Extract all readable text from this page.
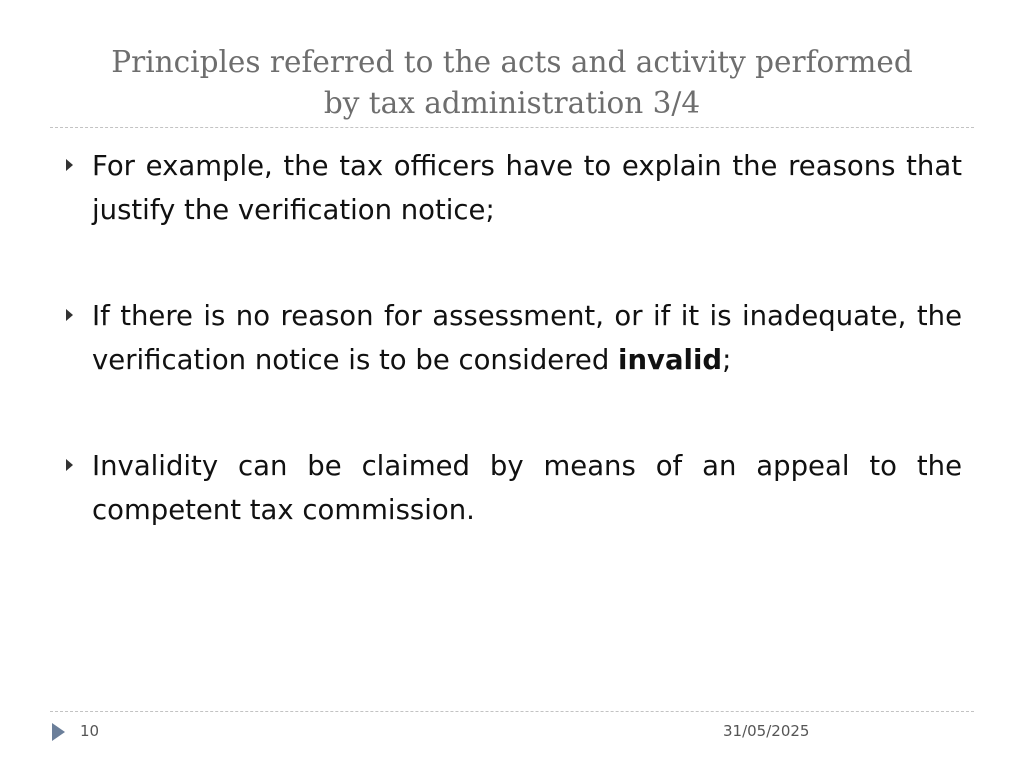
Principles referred to the acts and activity performed
by tax administration 3/4
For example, the tax officers have to explain the reasons that justify the verification notice;
If there is no reason for assessment, or if it is inadequate, the verification notice is to be considered invalid;
Invalidity can be claimed by means of an appeal to the competent tax commission.
10	31/05/2025
